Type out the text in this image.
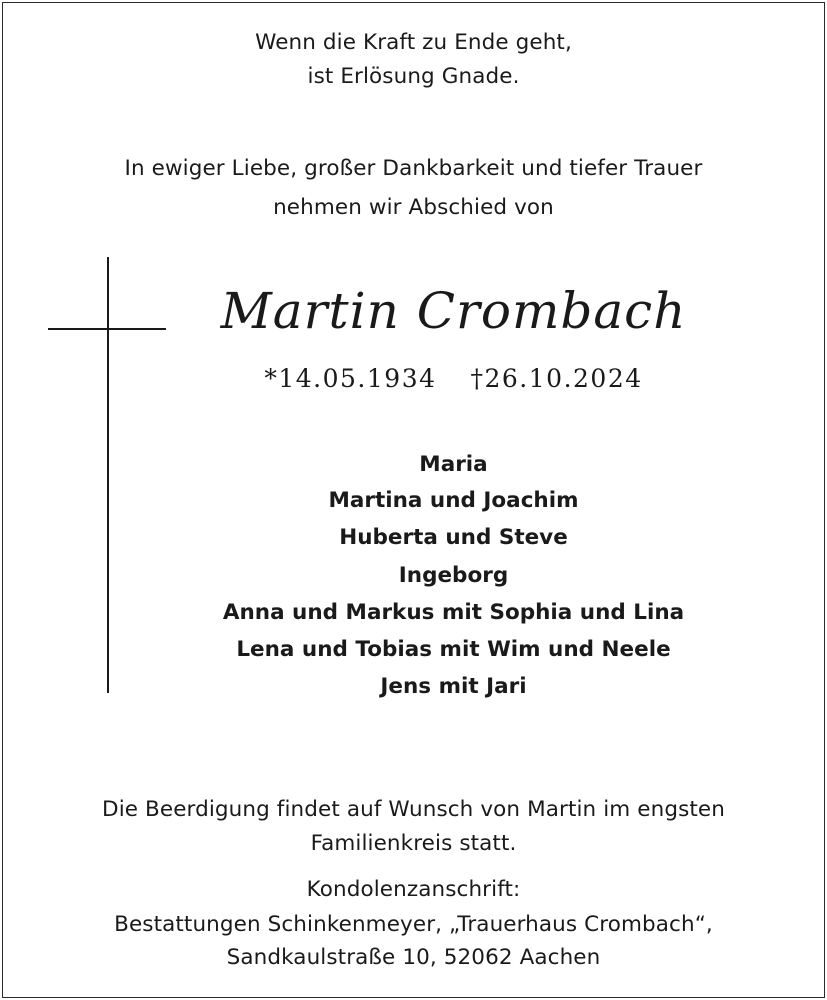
Wenn die Kraft zu Ende geht,
ist Erlösung Gnade.
In ewiger Liebe, großer Dankbarkeit und tiefer Trauer
nehmen wir Abschied von
Martin Crombach
*14.05.1934 †26.10.2024
Maria
Martina und Joachim
Huberta und Steve
Ingeborg
Anna und Markus mit Sophia und Lina
Lena und Tobias mit Wim und Neele
Jens mit Jari
Die Beerdigung findet auf Wunsch von Martin im engsten
Familienkreis statt.
Kondolenzanschrift:
Bestattungen Schinkenmeyer, „Trauerhaus Crombach“,
Sandkaulstraße 10, 52062 Aachen
